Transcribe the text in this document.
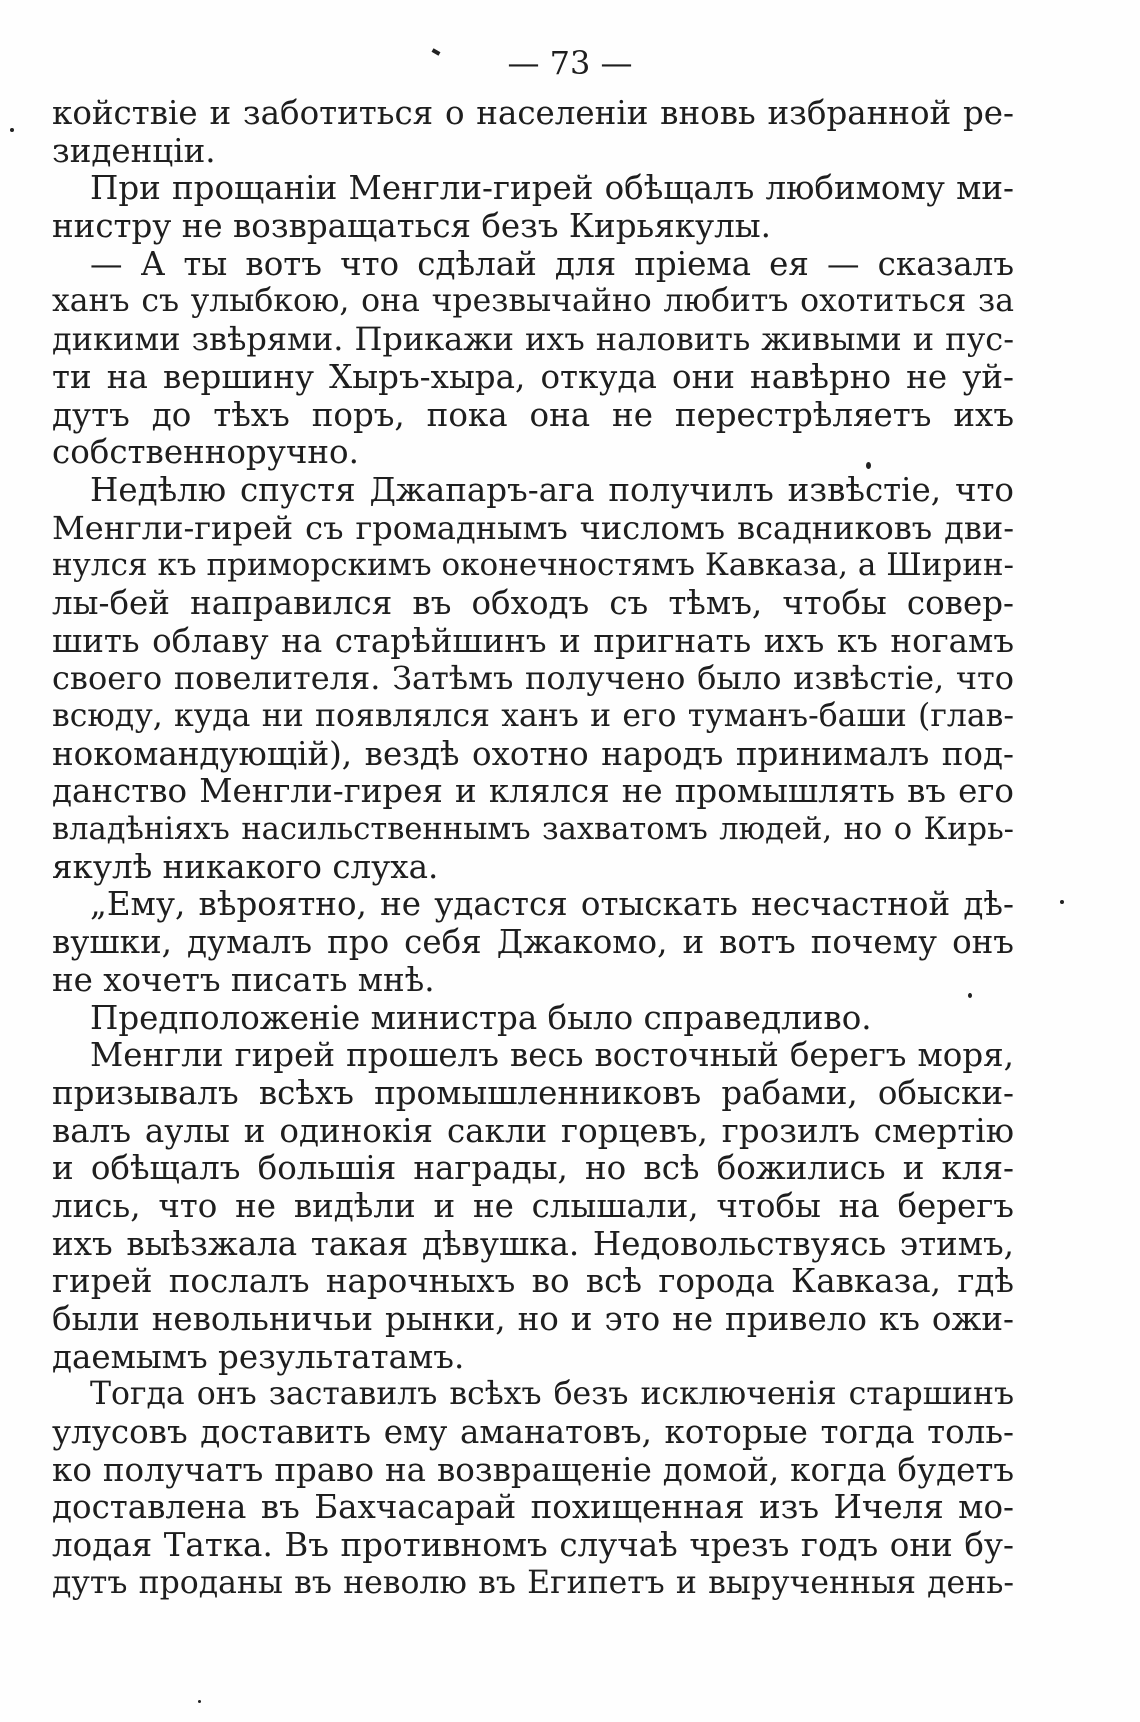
— 73 —
койствіе и заботиться о населеніи вновь избранной ре-
зиденціи.
При прощаніи Менгли-гирей обѣщалъ любимому ми-
нистру не возвращаться безъ Кирьякулы.
— А ты вотъ что сдѣлай для пріема ея — сказалъ
ханъ съ улыбкою, она чрезвычайно любитъ охотиться за
дикими звѣрями. Прикажи ихъ наловить живыми и пус-
ти на вершину Хыръ-хыра, откуда они навѣрно не уй-
дутъ до тѣхъ поръ, пока она не перестрѣляетъ ихъ
собственноручно.
Недѣлю спустя Джапаръ-ага получилъ извѣстіе, что
Менгли-гирей съ громаднымъ числомъ всадниковъ дви-
нулся къ приморскимъ оконечностямъ Кавказа, а Ширин-
лы-бей направился въ обходъ съ тѣмъ, чтобы совер-
шить облаву на старѣйшинъ и пригнать ихъ къ ногамъ
своего повелителя. Затѣмъ получено было извѣстіе, что
всюду, куда ни появлялся ханъ и его туманъ-баши (глав-
нокомандующій), вездѣ охотно народъ принималъ под-
данство Менгли-гирея и клялся не промышлять въ его
владѣніяхъ насильственнымъ захватомъ людей, но о Кирь-
якулѣ никакого слуха.
„Ему, вѣроятно, не удастся отыскать несчастной дѣ-
вушки, думалъ про себя Джакомо, и вотъ почему онъ
не хочетъ писать мнѣ.
Предположеніе министра было справедливо.
Менгли гирей прошелъ весь восточный берегъ моря,
призывалъ всѣхъ промышленниковъ рабами, обыски-
валъ аулы и одинокія сакли горцевъ, грозилъ смертію
и обѣщалъ большія награды, но всѣ божились и кля-
лись, что не видѣли и не слышали, чтобы на берегъ
ихъ выѣзжала такая дѣвушка. Недовольствуясь этимъ,
гирей послалъ нарочныхъ во всѣ города Кавказа, гдѣ
были невольничьи рынки, но и это не привело къ ожи-
даемымъ результатамъ.
Тогда онъ заставилъ всѣхъ безъ исключенія старшинъ
улусовъ доставить ему аманатовъ, которые тогда толь-
ко получатъ право на возвращеніе домой, когда будетъ
доставлена въ Бахчасарай похищенная изъ Ичеля мо-
лодая Татка. Въ противномъ случаѣ чрезъ годъ они бу-
дутъ проданы въ неволю въ Египетъ и вырученныя день-
